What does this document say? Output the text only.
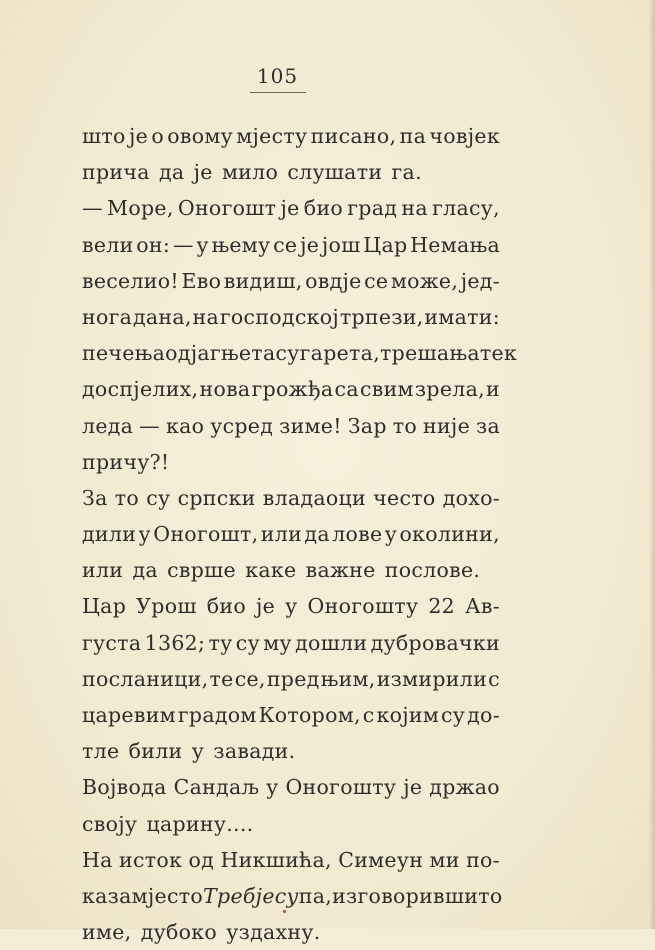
105
што је о овому мјесту писано, па човјек
прича да је мило слушати га.
— Море, Оногошт је био град на гласу,
вели он: — у њему се је још Цар Немања
веселио! Ево видиш, овдје се може, јед-
нога дана, на господској трпези, имати:
печења од јагњета сугарета, трешања тек
доспјелих, нова грожђа са свим зрела, и
леда — као усред зиме! Зар то није за
причу?!
За то су српски владаоци често дохо-
дили у Оногошт, или да лове у околини,
или да сврше каке важне послове.
Цар Урош био је у Оногошту 22 Ав-
густа 1362; ту су му дошли дубровачки
посланици, те се, пред њим, измирили с
царевим градом Котором, с којим су до-
тле били у завади.
Војвода Сандаљ у Оногошту је држао
своју царину....
На исток од Никшића, Симеун ми по-
каза мјесто Требјесу па, изговоривши то
име, дубоко уздахну.
